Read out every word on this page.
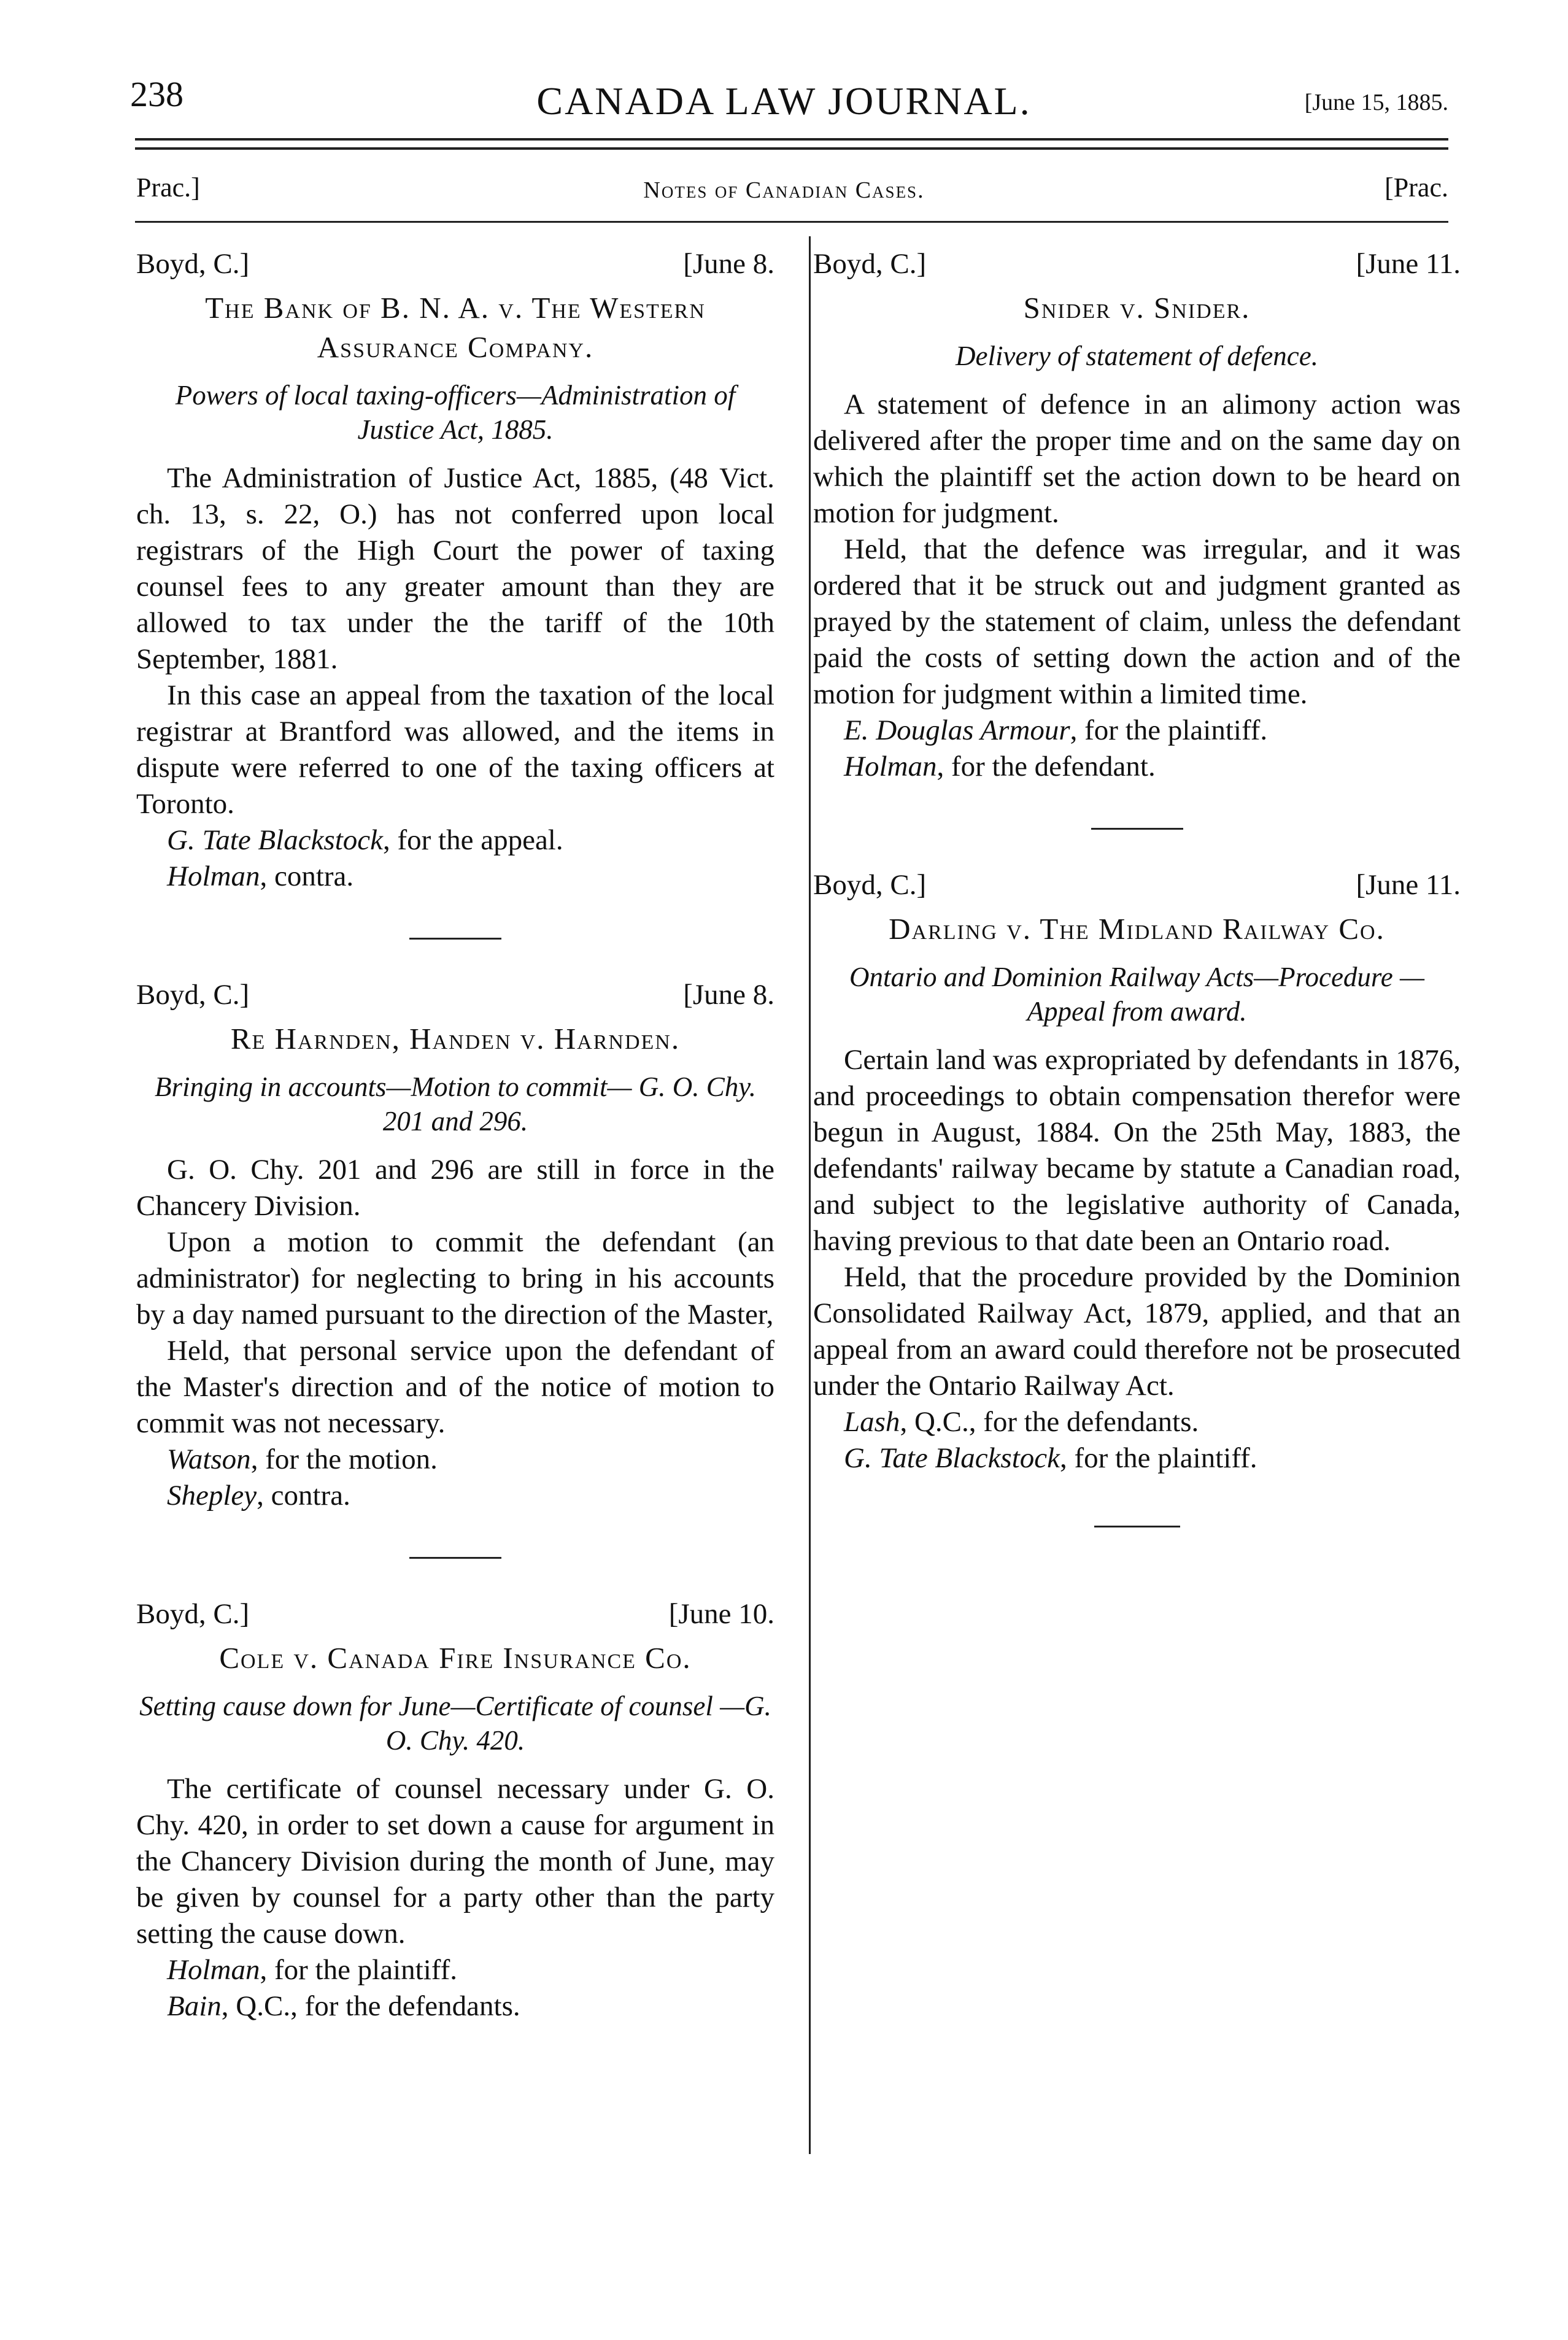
238	CANADA LAW JOURNAL.	[June 15, 1885.
Prac.]	Notes of Canadian Cases.	[Prac.
Boyd, C.]	[June 8.

The Bank of B. N. A. v. The Western Assurance Company.

Powers of local taxing-officers—Administration of Justice Act, 1885.

The Administration of Justice Act, 1885, (48 Vict. ch. 13, s. 22, O.) has not conferred upon local registrars of the High Court the power of taxing counsel fees to any greater amount than they are allowed to tax under the the tariff of the 10th September, 1881.

In this case an appeal from the taxation of the local registrar at Brantford was allowed, and the items in dispute were referred to one of the taxing officers at Toronto.

G. Tate Blackstock, for the appeal.

Holman, contra.

Boyd, C.]	[June 8.

Re Harnden, Handen v. Harnden.

Bringing in accounts—Motion to commit— G. O. Chy. 201 and 296.

G. O. Chy. 201 and 296 are still in force in the Chancery Division.

Upon a motion to commit the defendant (an administrator) for neglecting to bring in his accounts by a day named pursuant to the direction of the Master,

Held, that personal service upon the defendant of the Master's direction and of the notice of motion to commit was not necessary.

Watson, for the motion.

Shepley, contra.

Boyd, C.]	[June 10.

Cole v. Canada Fire Insurance Co.

Setting cause down for June—Certificate of counsel —G. O. Chy. 420.

The certificate of counsel necessary under G. O. Chy. 420, in order to set down a cause for argument in the Chancery Division during the month of June, may be given by counsel for a party other than the party setting the cause down.

Holman, for the plaintiff.

Bain, Q.C., for the defendants.

Boyd, C.]	[June 11.

Snider v. Snider.

Delivery of statement of defence.

A statement of defence in an alimony action was delivered after the proper time and on the same day on which the plaintiff set the action down to be heard on motion for judgment.

Held, that the defence was irregular, and it was ordered that it be struck out and judgment granted as prayed by the statement of claim, unless the defendant paid the costs of setting down the action and of the motion for judgment within a limited time.

E. Douglas Armour, for the plaintiff.

Holman, for the defendant.

Boyd, C.]	[June 11.

Darling v. The Midland Railway Co.

Ontario and Dominion Railway Acts—Procedure —Appeal from award.

Certain land was expropriated by defendants in 1876, and proceedings to obtain compensation therefor were begun in August, 1884. On the 25th May, 1883, the defendants' railway became by statute a Canadian road, and subject to the legislative authority of Canada, having previous to that date been an Ontario road.

Held, that the procedure provided by the Dominion Consolidated Railway Act, 1879, applied, and that an appeal from an award could therefore not be prosecuted under the Ontario Railway Act.

Lash, Q.C., for the defendants.

G. Tate Blackstock, for the plaintiff.
